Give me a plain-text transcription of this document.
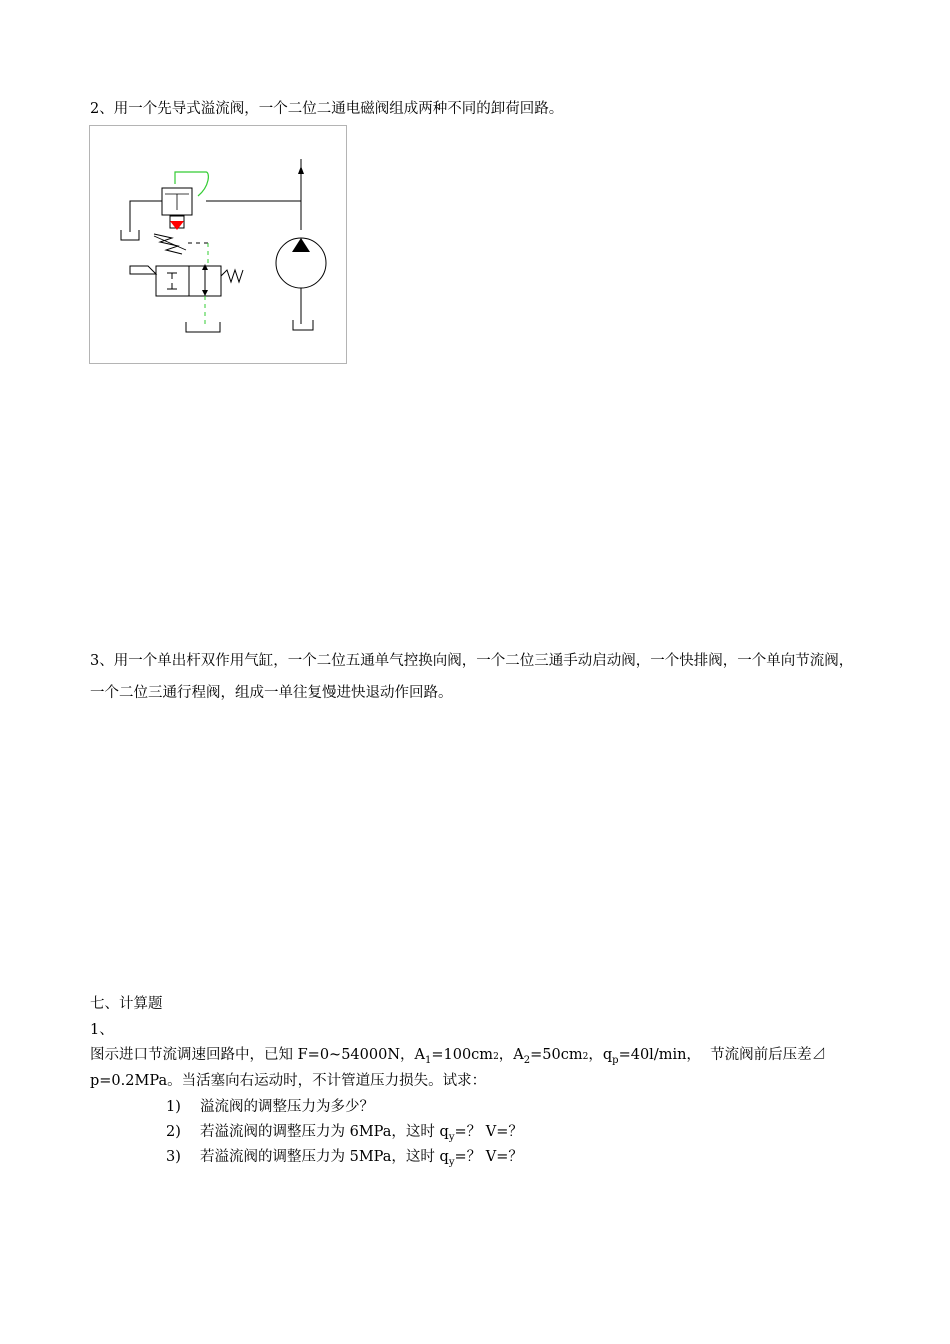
2、用一个先导式溢流阀，一个二位二通电磁阀组成两种不同的卸荷回路。
3、用一个单出杆双作用气缸，一个二位五通单气控换向阀，一个二位三通手动启动阀，一个快排阀，一个单向节流阀，一个二位三通行程阀，组成一单往复慢进快退动作回路。
七、计算题
1、
图示进口节流调速回路中，已知 F=0~54000N，$A_1=100cm2$，$A_2=50cm2$，$q_p=40l/\min$， 节流阀前后压差⊿
p=0.2MPa。当活塞向右运动时，不计管道压力损失。试求：
1) 溢流阀的调整压力为多少？
2) 若溢流阀的调整压力为 6MPa，这时 $q_y=$？ V=？
3) 若溢流阀的调整压力为 5MPa，这时 $q_y=$？ V=？
